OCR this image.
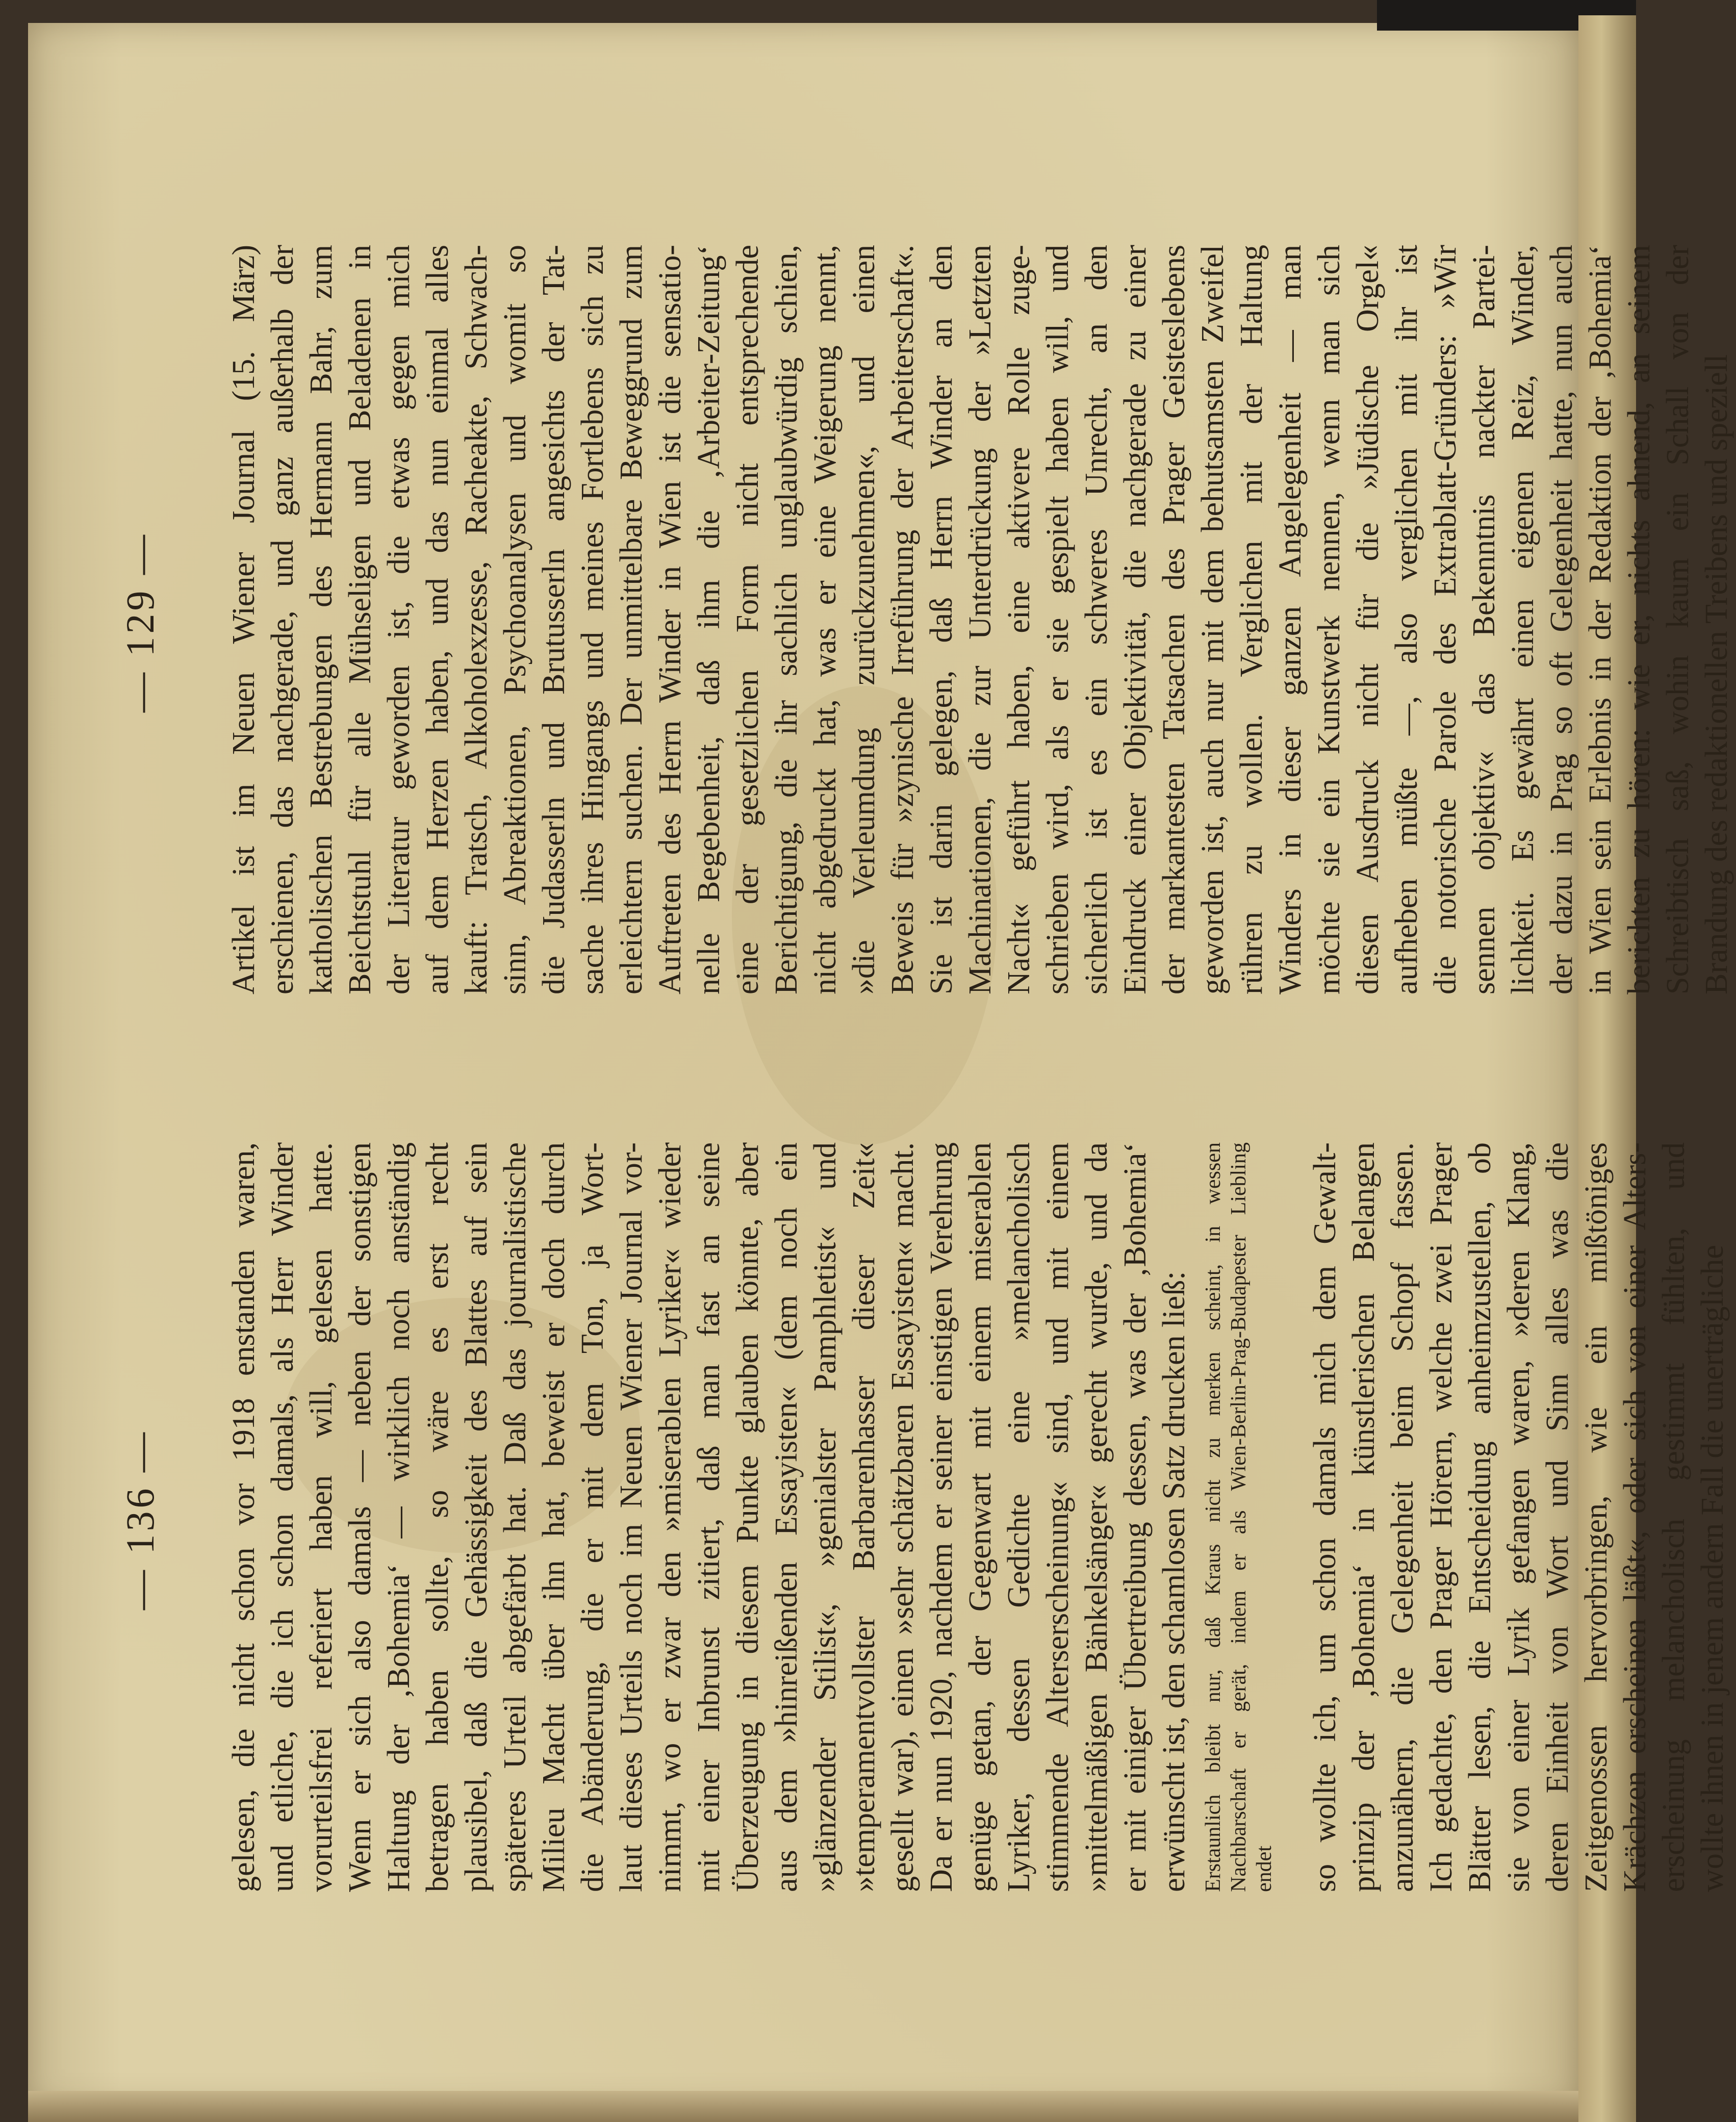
— 136 — gelesen, die nicht schon vor 1918 enstanden waren, und etliche, die ich schon damals, als Herr Winder vorurteilsfrei referiert haben will, gelesen hatte. Wenn er sich also damals — neben der sonstigen Haltung der ‚Bohemia‘ — wirklich noch anständig betragen haben sollte, so wäre es erst recht plausibel, daß die Gehässigkeit des Blattes auf sein späteres Urteil abgefärbt hat. Daß das journalistische Milieu Macht über ihn hat, beweist er doch durch die Abänderung, die er mit dem Ton, ja Wort- laut dieses Urteils noch im Neuen Wiener Journal vor- nimmt, wo er zwar den »miserablen Lyriker« wieder mit einer Inbrunst zitiert, daß man fast an seine Überzeugung in diesem Punkte glauben könnte, aber aus dem »hinreißenden Essayisten« (dem noch ein »glänzender Stilist«, »genialster Pamphletist« und »temperamentvollster Barbarenhasser dieser Zeit« gesellt war), einen »sehr schätzbaren Essayisten« macht. Da er nun 1920, nachdem er seiner einstigen Verehrung genüge getan, der Gegenwart mit einem miserablen Lyriker, dessen Gedichte eine »melancholisch stimmende Alterserscheinung« sind, und mit einem »mittelmäßigen Bänkelsänger« gerecht wurde, und da er mit einiger Übertreibung dessen, was der ‚Bohemia‘ erwünscht ist, den schamlosen Satz drucken ließ: Erstaunlich bleibt nur, daß Kraus nicht zu merken scheint, in wessen Nachbarschaft er gerät, indem er als Wien-Berlin-Prag-Budapester Liebling endet so wollte ich, um schon damals mich dem Gewalt- prinzip der ‚Bohemia‘ in künstlerischen Belangen anzunähern, die Gelegenheit beim Schopf fassen. Ich gedachte, den Prager Hörern, welche zwei Prager Blätter lesen, die Entscheidung anheimzustellen, ob sie von einer Lyrik gefangen waren, »deren Klang, deren Einheit von Wort und Sinn alles was die Zeitgenossen hervorbringen, wie ein mißtöniges Krächzen erscheinen läßt«, oder sich von einer Alters- erscheinung melancholisch gestimmt fühlten, und wollte ihnen in jenem andern Fall die unerträgliche
— 129 — Artikel ist im Neuen Wiener Journal (15. März) erschienen, das nachgerade, und ganz außerhalb der katholischen Bestrebungen des Hermann Bahr, zum Beichtstuhl für alle Mühseligen und Beladenen in der Literatur geworden ist, die etwas gegen mich auf dem Herzen haben, und das nun einmal alles kauft: Tratsch, Alkoholexzesse, Racheakte, Schwach- sinn, Abreaktionen, Psychoanalysen und womit so die Judasserln und Brutusserln angesichts der Tat- sache ihres Hingangs und meines Fortlebens sich zu erleichtern suchen. Der unmittelbare Beweggrund zum Auftreten des Herrn Winder in Wien ist die sensatio- nelle Begebenheit, daß ihm die ‚Arbeiter-Zeitung‘ eine der gesetzlichen Form nicht entsprechende Berichtigung, die ihr sachlich unglaubwürdig schien, nicht abgedruckt hat, was er eine Weigerung nennt, »die Verleumdung zurückzunehmen«, und einen Beweis für »zynische Irreführung der Arbeiterschaft«. Sie ist darin gelegen, daß Herrn Winder an den Machinationen, die zur Unterdrückung der »Letzten Nacht« geführt haben, eine aktivere Rolle zuge- schrieben wird, als er sie gespielt haben will, und sicherlich ist es ein schweres Unrecht, an den Eindruck einer Objektivität, die nachgerade zu einer der markantesten Tatsachen des Prager Geisteslebens geworden ist, auch nur mit dem behutsamsten Zweifel rühren zu wollen. Verglichen mit der Haltung Winders in dieser ganzen Angelegenheit — man möchte sie ein Kunstwerk nennen, wenn man sich diesen Ausdruck nicht für die »Jüdische Orgel« aufheben müßte —, also verglichen mit ihr ist die notorische Parole des Extrablatt-Gründers: »Wir sennen objektiv« das Bekenntnis nackter Partei- lichkeit. Es gewährt einen eigenen Reiz, Winder, der dazu in Prag so oft Gelegenheit hatte, nun auch in Wien sein Erlebnis in der Redaktion der ‚Bohemia‘ berichten zu hören: wie er, nichts ahnend, an seinem Schreibtisch saß, wohin kaum ein Schall von der Brandung des redaktionellen Treibens und speziell
